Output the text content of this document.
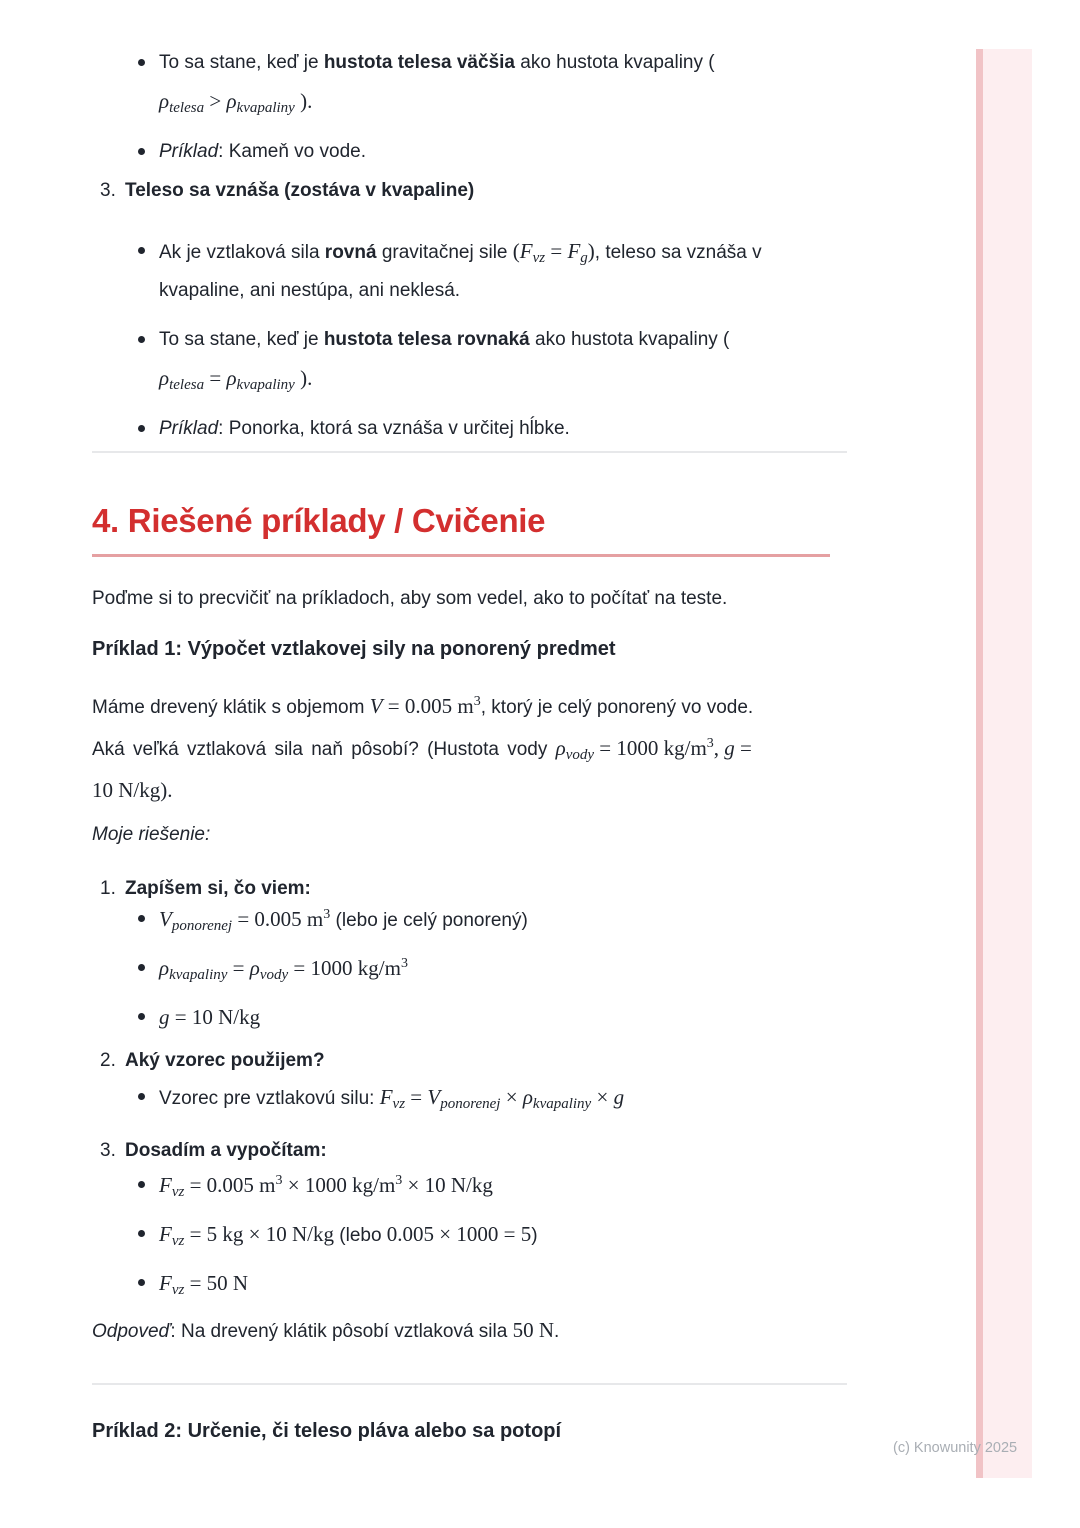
(c) Knowunity 2025
To sa stane, keď je hustota telesa väčšia ako hustota kvapaliny (
$\rho_{telesa} > \rho_{kvapaliny}$ ).
Príklad: Kameň vo vode.
3. Teleso sa vznáša (zostáva v kvapaline)
Ak je vztlaková sila rovná gravitačnej sile $(F_{vz} = F_g)$, teleso sa vznáša v
kvapaline, ani nestúpa, ani neklesá.
To sa stane, keď je hustota telesa rovnaká ako hustota kvapaliny (
$\rho_{telesa} = \rho_{kvapaliny}$ ).
Príklad: Ponorka, ktorá sa vznáša v určitej hĺbke.
4. Riešené príklady / Cvičenie
Poďme si to precvičiť na príkladoch, aby som vedel, ako to počítať na teste.
Príklad 1: Výpočet vztlakovej sily na ponorený predmet
Máme drevený klátik s objemom V = 0.005 $m^3$, ktorý je celý ponorený vo vode.
Aká veľká vztlaková sila naň pôsobí? (Hustota vody $\rho_{vody} = 1000$ $kg/m^3$, g =
10 N/kg).
Moje riešenie:
1. Zapíšem si, čo viem:
$V_{ponorenej} = 0.005$ $m^3$ (lebo je celý ponorený)
$\rho_{kvapaliny} = \rho_{vody} = 1000$ $kg/m^3$
g = 10 N/kg
2. Aký vzorec použijem?
Vzorec pre vztlakovú silu: $F_{vz} = V_{ponorenej} \times \rho_{kvapaliny} \times g$
3. Dosadím a vypočítam:
$F_{vz} = 0.005$ $m^3 \times 1000$ $kg/m^3 \times 10$ N/kg
$F_{vz} = 5$ kg × 10 N/kg (lebo 0.005 × 1000 = 5)
$F_{vz} = 50$ N
Odpoveď: Na drevený klátik pôsobí vztlaková sila 50 N.
Príklad 2: Určenie, či teleso pláva alebo sa potopí
